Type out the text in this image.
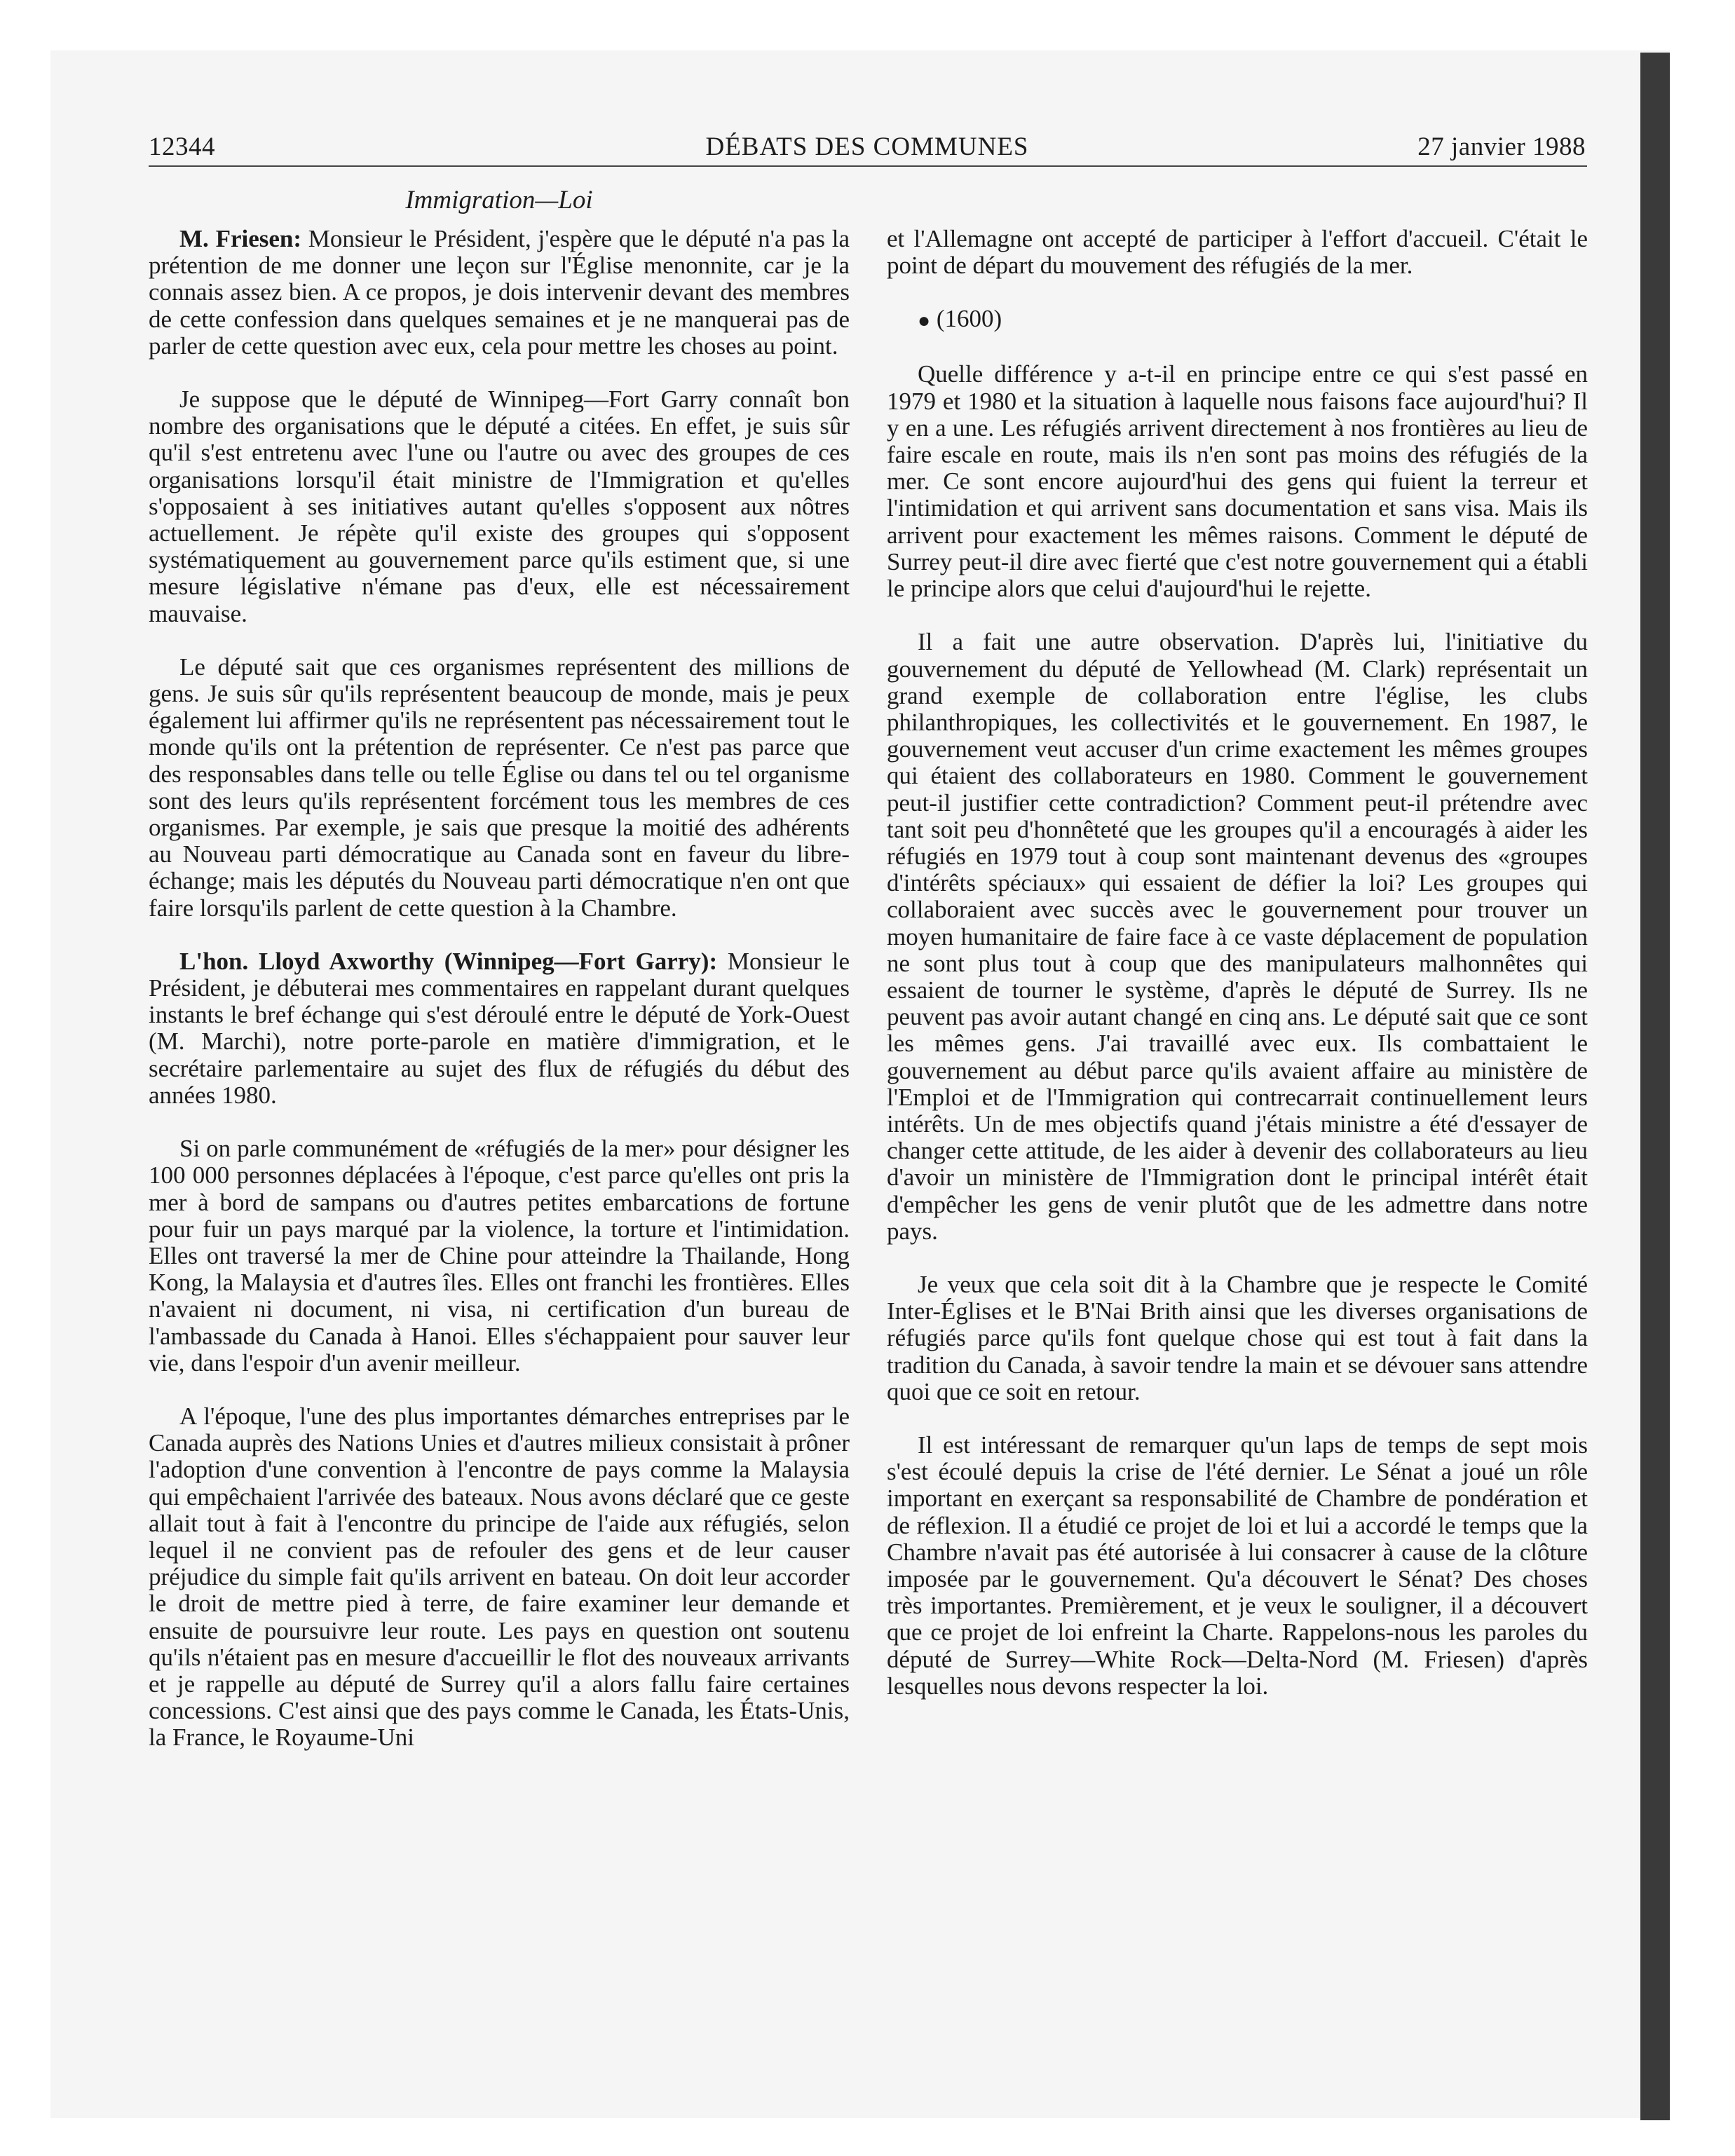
12344	DÉBATS DES COMMUNES	27 janvier 1988
Immigration—Loi

M. Friesen: Monsieur le Président, j'espère que le député n'a pas la prétention de me donner une leçon sur l'Église menonnite, car je la connais assez bien. A ce propos, je dois intervenir devant des membres de cette confession dans quelques semaines et je ne manquerai pas de parler de cette question avec eux, cela pour mettre les choses au point.

Je suppose que le député de Winnipeg—Fort Garry connaît bon nombre des organisations que le député a citées. En effet, je suis sûr qu'il s'est entretenu avec l'une ou l'autre ou avec des groupes de ces organisations lorsqu'il était ministre de l'Immigration et qu'elles s'opposaient à ses initiatives autant qu'elles s'opposent aux nôtres actuellement. Je répète qu'il existe des groupes qui s'opposent systématiquement au gouvernement parce qu'ils estiment que, si une mesure législative n'émane pas d'eux, elle est nécessairement mauvaise.

Le député sait que ces organismes représentent des millions de gens. Je suis sûr qu'ils représentent beaucoup de monde, mais je peux également lui affirmer qu'ils ne représentent pas nécessairement tout le monde qu'ils ont la prétention de représenter. Ce n'est pas parce que des responsables dans telle ou telle Église ou dans tel ou tel organisme sont des leurs qu'ils représentent forcément tous les membres de ces organismes. Par exemple, je sais que presque la moitié des adhérents au Nouveau parti démocratique au Canada sont en faveur du libre-échange; mais les députés du Nouveau parti démocratique n'en ont que faire lorsqu'ils parlent de cette question à la Chambre.

L'hon. Lloyd Axworthy (Winnipeg—Fort Garry): Monsieur le Président, je débuterai mes commentaires en rappelant durant quelques instants le bref échange qui s'est déroulé entre le député de York-Ouest (M. Marchi), notre porte-parole en matière d'immigration, et le secrétaire parlementaire au sujet des flux de réfugiés du début des années 1980.

Si on parle communément de «réfugiés de la mer» pour désigner les 100 000 personnes déplacées à l'époque, c'est parce qu'elles ont pris la mer à bord de sampans ou d'autres petites embarcations de fortune pour fuir un pays marqué par la violence, la torture et l'intimidation. Elles ont traversé la mer de Chine pour atteindre la Thailande, Hong Kong, la Malaysia et d'autres îles. Elles ont franchi les frontières. Elles n'avaient ni document, ni visa, ni certification d'un bureau de l'ambassade du Canada à Hanoi. Elles s'échappaient pour sauver leur vie, dans l'espoir d'un avenir meilleur.

A l'époque, l'une des plus importantes démarches entreprises par le Canada auprès des Nations Unies et d'autres milieux consistait à prôner l'adoption d'une convention à l'encontre de pays comme la Malaysia qui empêchaient l'arrivée des bateaux. Nous avons déclaré que ce geste allait tout à fait à l'encontre du principe de l'aide aux réfugiés, selon lequel il ne convient pas de refouler des gens et de leur causer préjudice du simple fait qu'ils arrivent en bateau. On doit leur accorder le droit de mettre pied à terre, de faire examiner leur demande et ensuite de poursuivre leur route. Les pays en question ont soutenu qu'ils n'étaient pas en mesure d'accueillir le flot des nouveaux arrivants et je rappelle au député de Surrey qu'il a alors fallu faire certaines concessions. C'est ainsi que des pays comme le Canada, les États-Unis, la France, le Royaume-Uni

et l'Allemagne ont accepté de participer à l'effort d'accueil. C'était le point de départ du mouvement des réfugiés de la mer.

● (1600)

Quelle différence y a-t-il en principe entre ce qui s'est passé en 1979 et 1980 et la situation à laquelle nous faisons face aujourd'hui? Il y en a une. Les réfugiés arrivent directement à nos frontières au lieu de faire escale en route, mais ils n'en sont pas moins des réfugiés de la mer. Ce sont encore aujourd'hui des gens qui fuient la terreur et l'intimidation et qui arrivent sans documentation et sans visa. Mais ils arrivent pour exactement les mêmes raisons. Comment le député de Surrey peut-il dire avec fierté que c'est notre gouvernement qui a établi le principe alors que celui d'aujourd'hui le rejette.

Il a fait une autre observation. D'après lui, l'initiative du gouvernement du député de Yellowhead (M. Clark) représentait un grand exemple de collaboration entre l'église, les clubs philanthropiques, les collectivités et le gouvernement. En 1987, le gouvernement veut accuser d'un crime exactement les mêmes groupes qui étaient des collaborateurs en 1980. Comment le gouvernement peut-il justifier cette contradiction? Comment peut-il prétendre avec tant soit peu d'honnêteté que les groupes qu'il a encouragés à aider les réfugiés en 1979 tout à coup sont maintenant devenus des «groupes d'intérêts spéciaux» qui essaient de défier la loi? Les groupes qui collaboraient avec succès avec le gouvernement pour trouver un moyen humanitaire de faire face à ce vaste déplacement de population ne sont plus tout à coup que des manipulateurs malhonnêtes qui essaient de tourner le système, d'après le député de Surrey. Ils ne peuvent pas avoir autant changé en cinq ans. Le député sait que ce sont les mêmes gens. J'ai travaillé avec eux. Ils combattaient le gouvernement au début parce qu'ils avaient affaire au ministère de l'Emploi et de l'Immigration qui contrecarrait continuellement leurs intérêts. Un de mes objectifs quand j'étais ministre a été d'essayer de changer cette attitude, de les aider à devenir des collaborateurs au lieu d'avoir un ministère de l'Immigration dont le principal intérêt était d'empêcher les gens de venir plutôt que de les admettre dans notre pays.

Je veux que cela soit dit à la Chambre que je respecte le Comité Inter-Églises et le B'Nai Brith ainsi que les diverses organisations de réfugiés parce qu'ils font quelque chose qui est tout à fait dans la tradition du Canada, à savoir tendre la main et se dévouer sans attendre quoi que ce soit en retour.

Il est intéressant de remarquer qu'un laps de temps de sept mois s'est écoulé depuis la crise de l'été dernier. Le Sénat a joué un rôle important en exerçant sa responsabilité de Chambre de pondération et de réflexion. Il a étudié ce projet de loi et lui a accordé le temps que la Chambre n'avait pas été autorisée à lui consacrer à cause de la clôture imposée par le gouvernement. Qu'a découvert le Sénat? Des choses très importantes. Premièrement, et je veux le souligner, il a découvert que ce projet de loi enfreint la Charte. Rappelons-nous les paroles du député de Surrey—White Rock—Delta-Nord (M. Friesen) d'après lesquelles nous devons respecter la loi.
